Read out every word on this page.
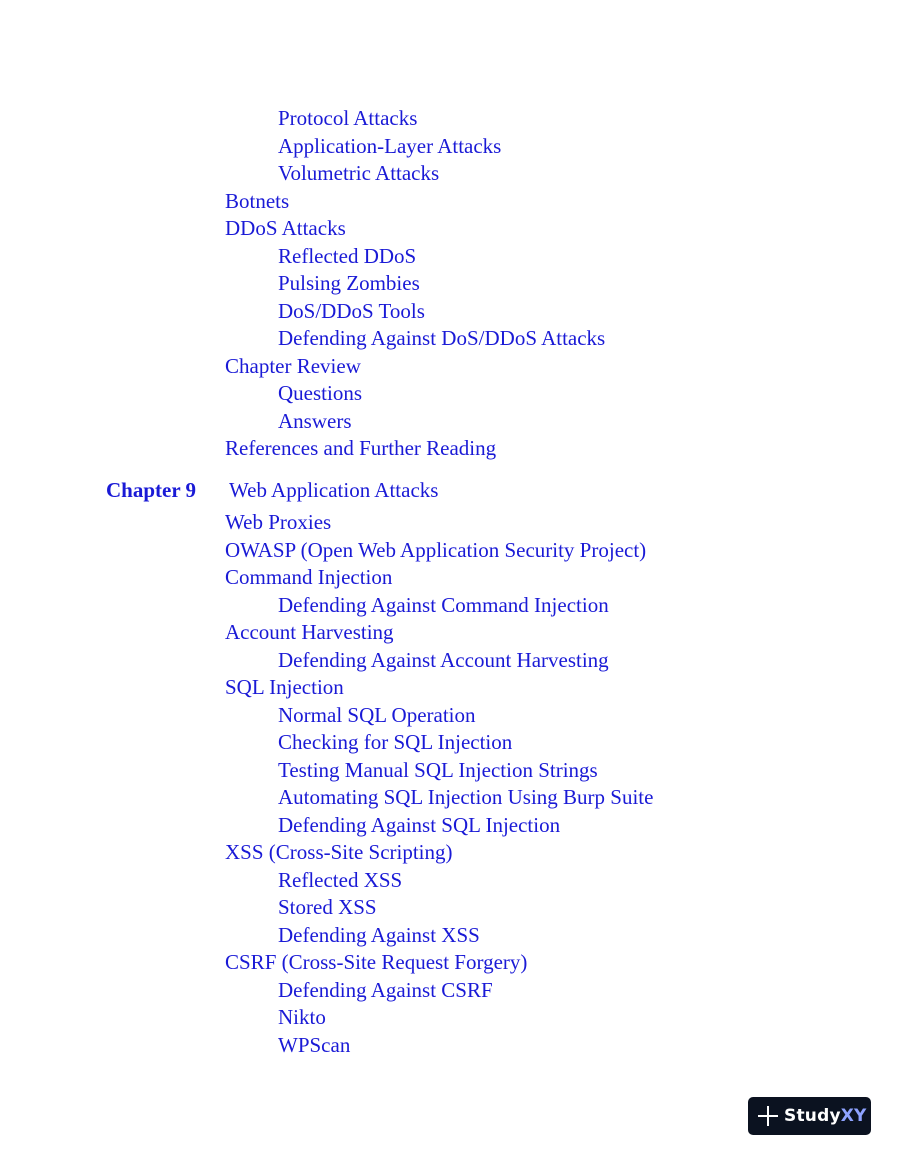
Protocol Attacks
Application-Layer Attacks
Volumetric Attacks
Botnets
DDoS Attacks
Reflected DDoS
Pulsing Zombies
DoS/DDoS Tools
Defending Against DoS/DDoS Attacks
Chapter Review
Questions
Answers
References and Further Reading
Chapter 9 Web Application Attacks
Web Proxies
OWASP (Open Web Application Security Project)
Command Injection
Defending Against Command Injection
Account Harvesting
Defending Against Account Harvesting
SQL Injection
Normal SQL Operation
Checking for SQL Injection
Testing Manual SQL Injection Strings
Automating SQL Injection Using Burp Suite
Defending Against SQL Injection
XSS (Cross-Site Scripting)
Reflected XSS
Stored XSS
Defending Against XSS
CSRF (Cross-Site Request Forgery)
Defending Against CSRF
Nikto
WPScan
StudyXY
